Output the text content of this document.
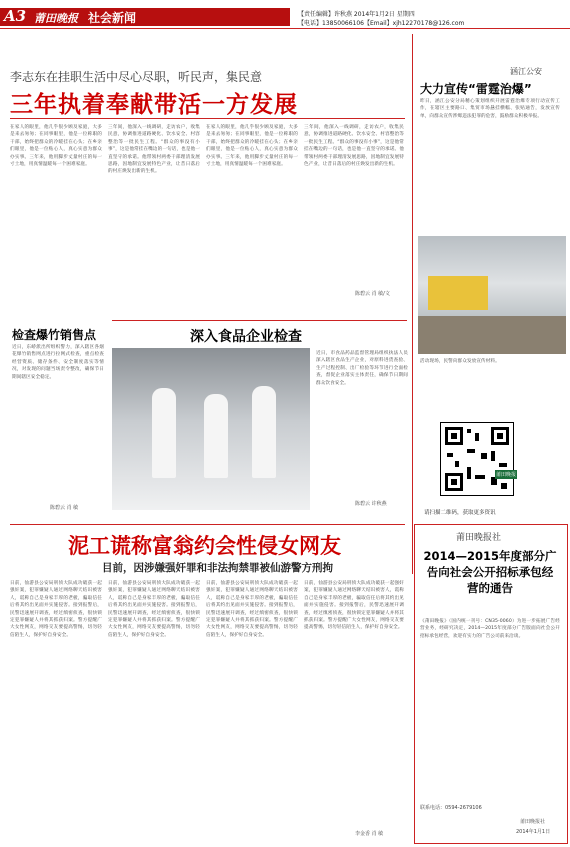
A3 莆田晚报 社会新闻	【责任编辑】许秋燕 2014年1月2日 星期四
【电话】13850066106【Email】xjh12270178@126.com
李志东在挂职生活中尽心尽职，听民声，集民意
三年执着奉献带活一方发展
在家人的眼里，他几乎很少顾及家庭，大多是来去匆匆；在同事眼里，他是一位称职的干部，始终把群众的冷暖挂在心头；在乡亲们眼里，他是一位贴心人，真心实意为群众办实事。三年来，他用脚步丈量村庄的每一寸土地，用真情温暖每一个困难家庭。
三年间，他深入一线调研，走访农户，收集民意，协调推进道路硬化、饮水安全、村容整治等一批民生工程。“群众的事没有小事”，这是他常挂在嘴边的一句话，也是他一直坚守的承诺。他带领村两委干部理清发展思路，因地制宜发展特色产业，让昔日落后的村庄焕发出新的生机。
在家人的眼里，他几乎很少顾及家庭，大多是来去匆匆；在同事眼里，他是一位称职的干部，始终把群众的冷暖挂在心头；在乡亲们眼里，他是一位贴心人，真心实意为群众办实事。三年来，他用脚步丈量村庄的每一寸土地，用真情温暖每一个困难家庭。
三年间，他深入一线调研，走访农户，收集民意，协调推进道路硬化、饮水安全、村容整治等一批民生工程。“群众的事没有小事”，这是他常挂在嘴边的一句话，也是他一直坚守的承诺。他带领村两委干部理清发展思路，因地制宜发展特色产业，让昔日落后的村庄焕发出新的生机。
陈碧云 肖 敏/文
涵江公安
大力宣传“雷霆治爆”
昨日，涵江公安分局精心策划组织开展雷霆治爆专项行动宣传工作，在辖区主要路口、集贸市场悬挂横幅、张贴通告，发放宣传单，向群众宣传涉爆违法犯罪的危害，鼓励群众积极举报。
活动现场，民警向群众发放宣传材料。
检查爆竹销售点
近日，东峤派出所组织警力，深入辖区各烟花爆竹销售网点进行拉网式检查，重点检查经营资质、储存条件、安全制度落实等情况，对发现的问题当场责令整改，确保节日期间辖区安全稳定。
陈碧云 肖 敏
深入食品企业检查
近日，市食品药品监督管理局组织执法人员深入辖区食品生产企业，对原料进货查验、生产过程控制、出厂检验等环节进行全面检查，督促企业落实主体责任，确保节日期间群众饮食安全。
陈碧云 许秋燕
莆田晚报
请扫描二维码，获取更多资讯
泥工谎称富翁约会性侵女网友
目前，因涉嫌强奸罪和非法拘禁罪被仙游警方刑拘
日前，仙游县公安局刑侦大队成功破获一起强奸案，犯罪嫌疑人通过网络聊天结识被害人，谎称自己是身家丰厚的老板，骗取信任后将其约出见面并实施侵害。接到报警后，民警迅速展开调查，经过缜密侦查，很快锁定犯罪嫌疑人并将其抓获归案。警方提醒广大女性网友，网络交友要提高警惕，切勿轻信陌生人，保护好自身安全。
日前，仙游县公安局刑侦大队成功破获一起强奸案，犯罪嫌疑人通过网络聊天结识被害人，谎称自己是身家丰厚的老板，骗取信任后将其约出见面并实施侵害。接到报警后，民警迅速展开调查，经过缜密侦查，很快锁定犯罪嫌疑人并将其抓获归案。警方提醒广大女性网友，网络交友要提高警惕，切勿轻信陌生人，保护好自身安全。
日前，仙游县公安局刑侦大队成功破获一起强奸案，犯罪嫌疑人通过网络聊天结识被害人，谎称自己是身家丰厚的老板，骗取信任后将其约出见面并实施侵害。接到报警后，民警迅速展开调查，经过缜密侦查，很快锁定犯罪嫌疑人并将其抓获归案。警方提醒广大女性网友，网络交友要提高警惕，切勿轻信陌生人，保护好自身安全。
日前，仙游县公安局刑侦大队成功破获一起强奸案，犯罪嫌疑人通过网络聊天结识被害人，谎称自己是身家丰厚的老板，骗取信任后将其约出见面并实施侵害。接到报警后，民警迅速展开调查，经过缜密侦查，很快锁定犯罪嫌疑人并将其抓获归案。警方提醒广大女性网友，网络交友要提高警惕，切勿轻信陌生人，保护好自身安全。
李金香 肖 敏
莆田晚报社
2014—2015年度部分广告向社会公开招标承包经营的通告
《莆田晚报》（国内统一刊号：CN35-0060）为进一步拓展广告经营业务，经研究决定，2014—2015年度部分广告版面向社会公开招标承包经营，欢迎有实力的广告公司前来洽谈。
联系电话：0594-2679106
莆田晚报社
2014年1月1日
